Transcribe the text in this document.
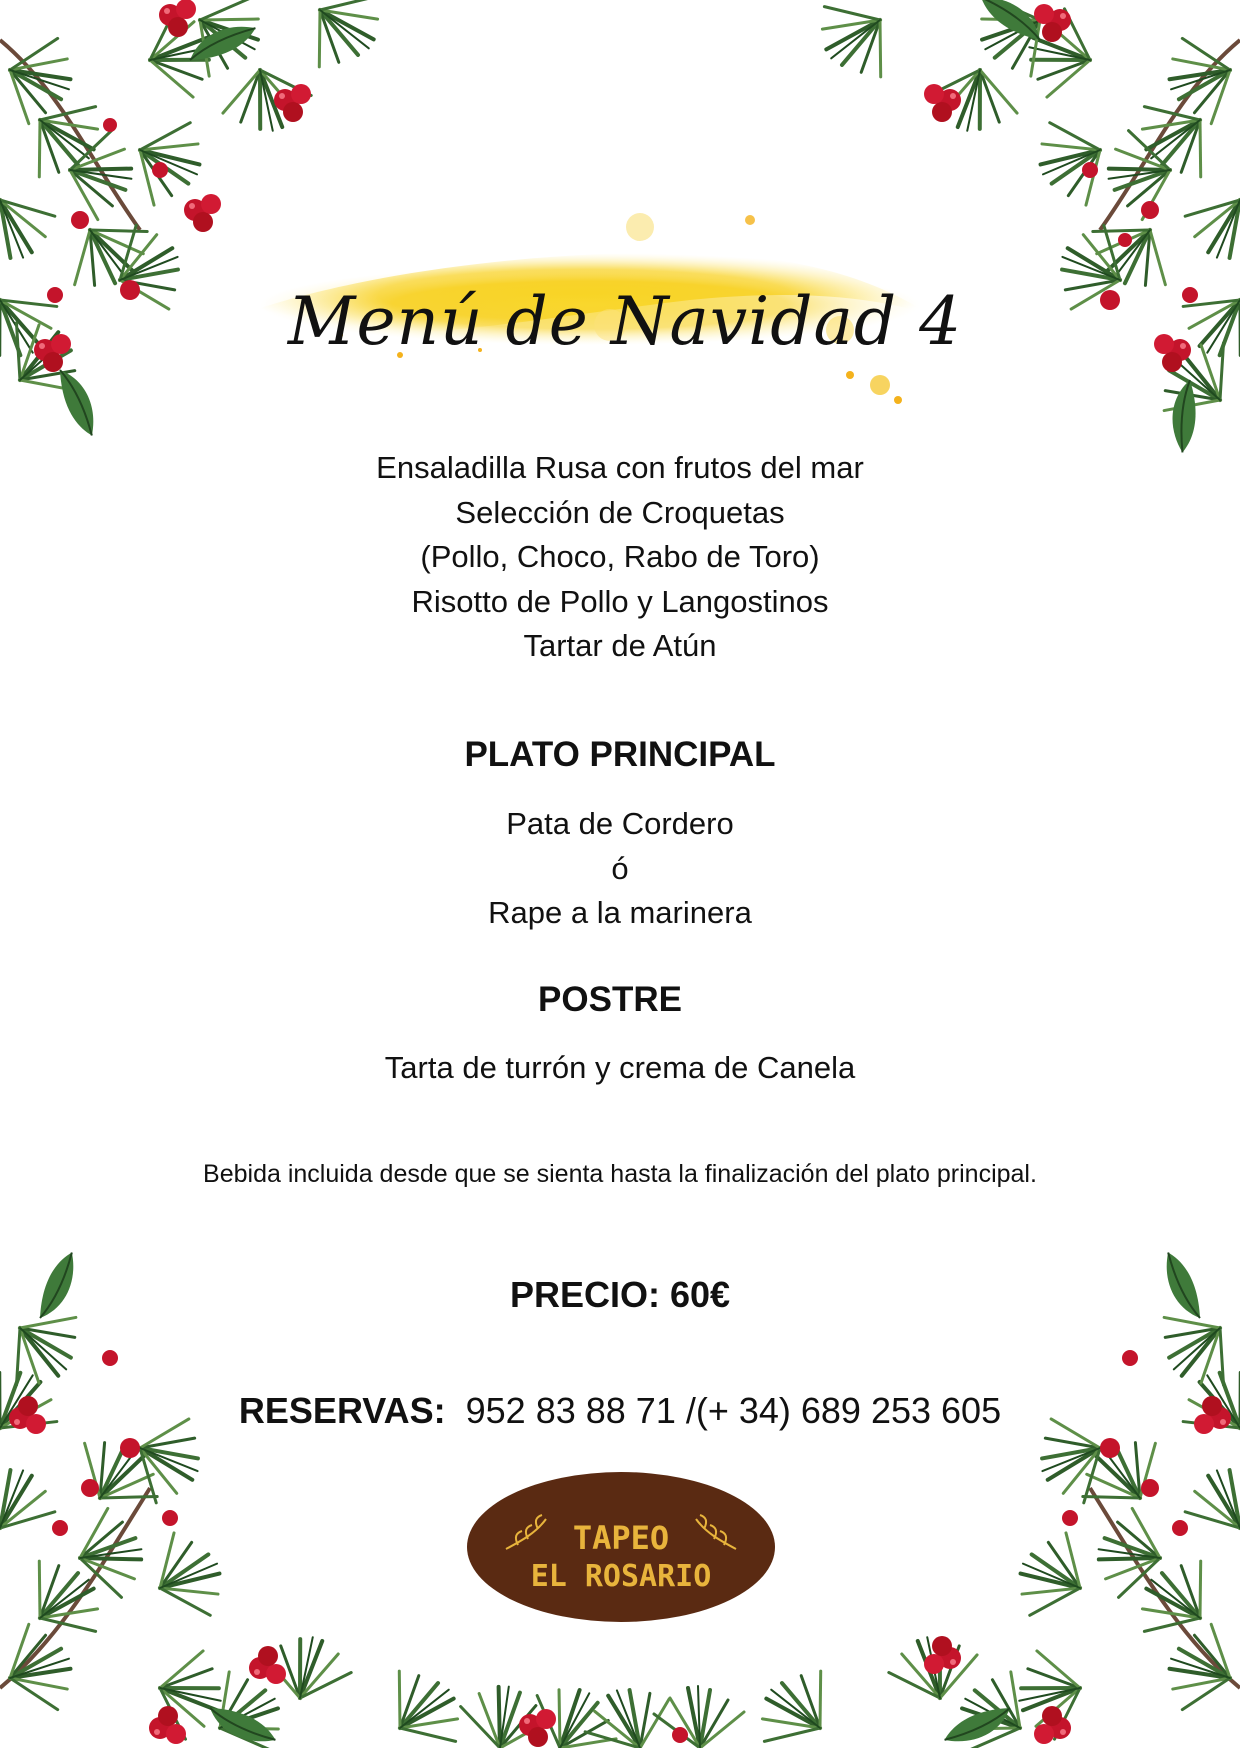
Menú de Navidad 4
Ensaladilla Rusa con frutos del mar
Selección de Croquetas
(Pollo, Choco, Rabo de Toro)
Risotto de Pollo y Langostinos
Tartar de Atún
PLATO PRINCIPAL
Pata de Cordero
ó
Rape a la marinera
POSTRE
Tarta de turrón y crema de Canela
Bebida incluida desde que se sienta hasta la finalización del plato principal.
PRECIO: 60€
RESERVAS: 952 83 88 71 /(+ 34) 689 253 605
TAPEO
EL ROSARIO
